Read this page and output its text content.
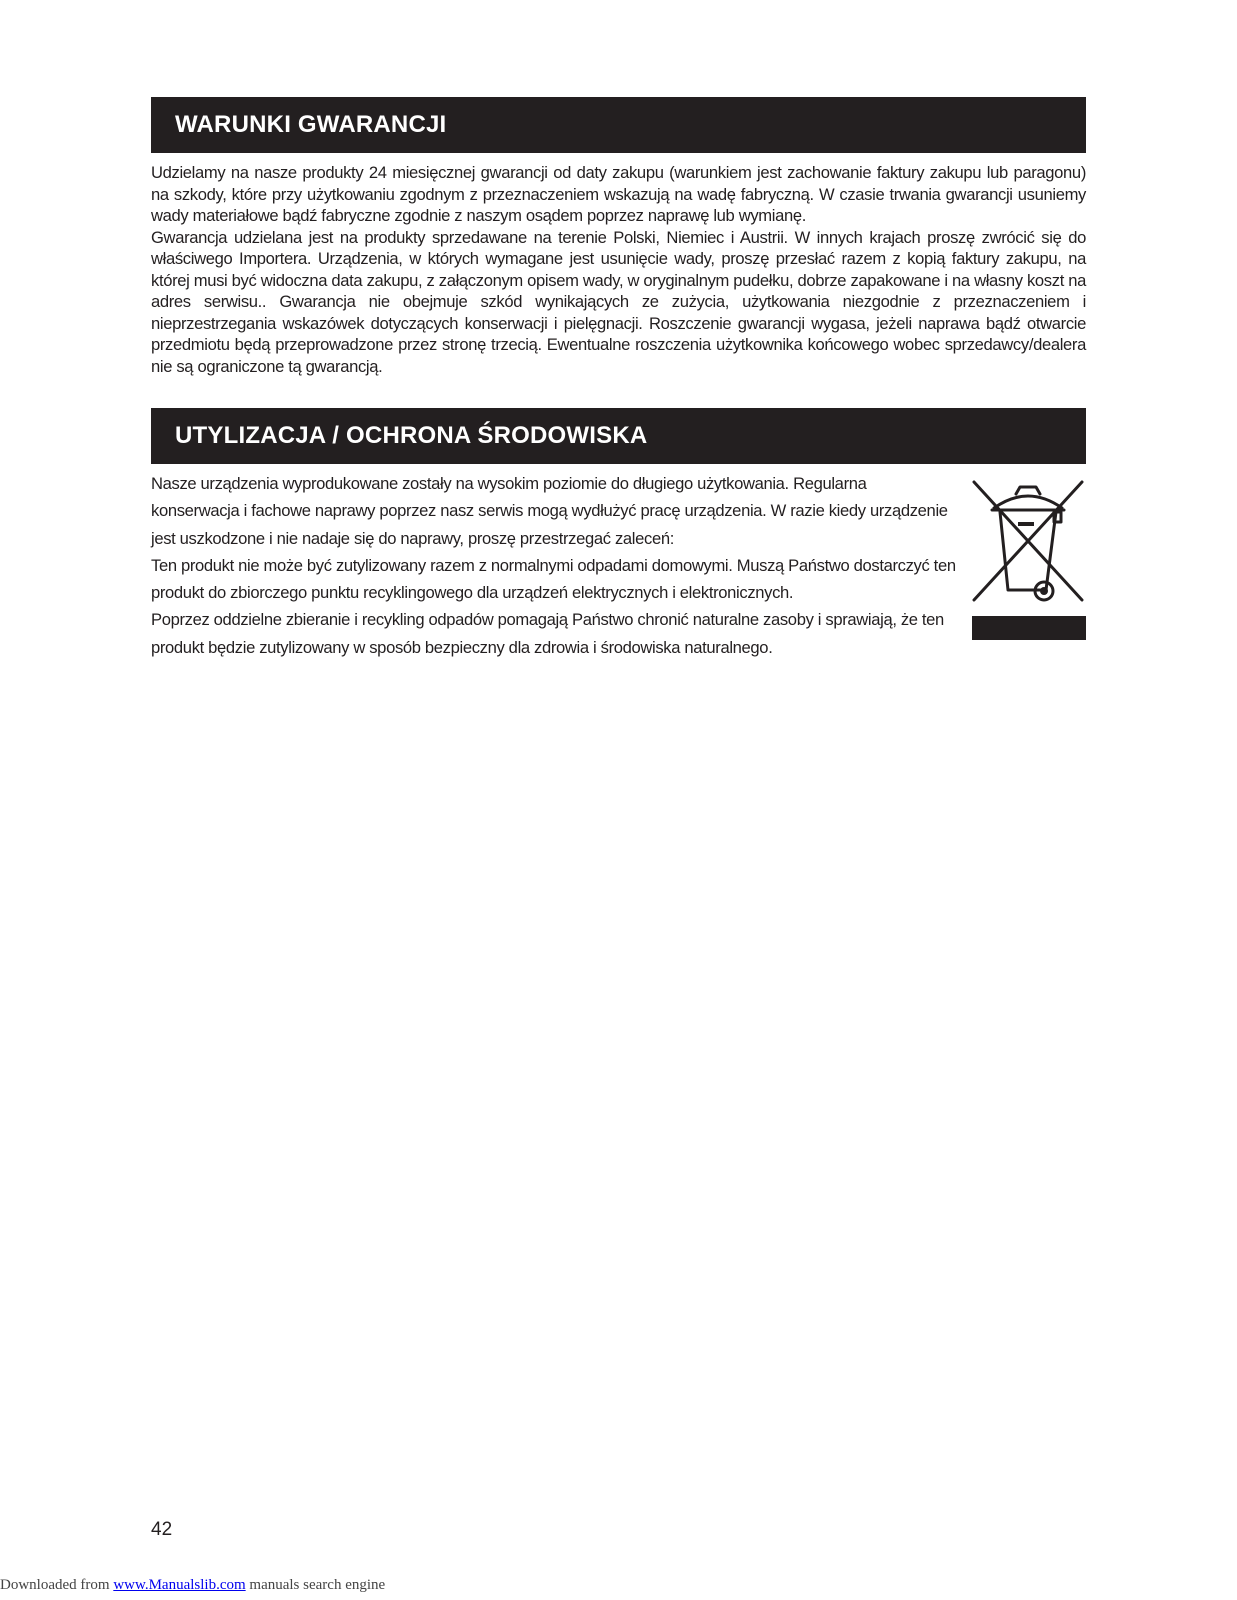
WARUNKI GWARANCJI

Udzielamy na nasze produkty 24 miesięcznej gwarancji od daty zakupu (warunkiem jest zachowanie faktury zakupu lub paragonu) na szkody, które przy użytkowaniu zgodnym z przeznaczeniem wskazują na wadę fabryczną. W czasie trwania gwarancji usuniemy wady materiałowe bądź fabryczne zgodnie z naszym osądem poprzez naprawę lub wymianę.

Gwarancja udzielana jest na produkty sprzedawane na terenie Polski, Niemiec i Austrii. W innych krajach proszę zwrócić się do właściwego Importera. Urządzenia, w których wymagane jest usunięcie wady, proszę przesłać razem z kopią faktury zakupu, na której musi być widoczna data zakupu, z załączonym opisem wady, w oryginalnym pudełku, dobrze zapakowane i na własny koszt na adres serwisu.. Gwarancja nie obejmuje szkód wynikających ze zużycia, użytkowania niezgodnie z przeznaczeniem i nieprzestrzegania wskazówek dotyczących konserwacji i pielęgnacji. Roszczenie gwarancji wygasa, jeżeli naprawa bądź otwarcie przedmiotu będą przeprowadzone przez stronę trzecią. Ewentualne roszczenia użytkownika końcowego wobec sprzedawcy/dealera nie są ograniczone tą gwarancją.

UTYLIZACJA / OCHRONA ŚRODOWISKA

Nasze urządzenia wyprodukowane zostały na wysokim poziomie do długiego użytkowania. Regularna konserwacja i fachowe naprawy poprzez nasz serwis mogą wydłużyć pracę urządzenia. W razie kiedy urządzenie jest uszkodzone i nie nadaje się do naprawy, proszę przestrzegać zaleceń:

Ten produkt nie może być zutylizowany razem z normalnymi odpadami domowymi. Muszą Państwo dostarczyć ten produkt do zbiorczego punktu recyklingowego dla urządzeń elektrycznych i elektronicznych.

Poprzez oddzielne zbieranie i recykling odpadów pomagają Państwo chronić naturalne zasoby i sprawiają, że ten produkt będzie zutylizowany w sposób bezpieczny dla zdrowia i środowiska naturalnego.

42
Downloaded from www.Manualslib.com manuals search engine
